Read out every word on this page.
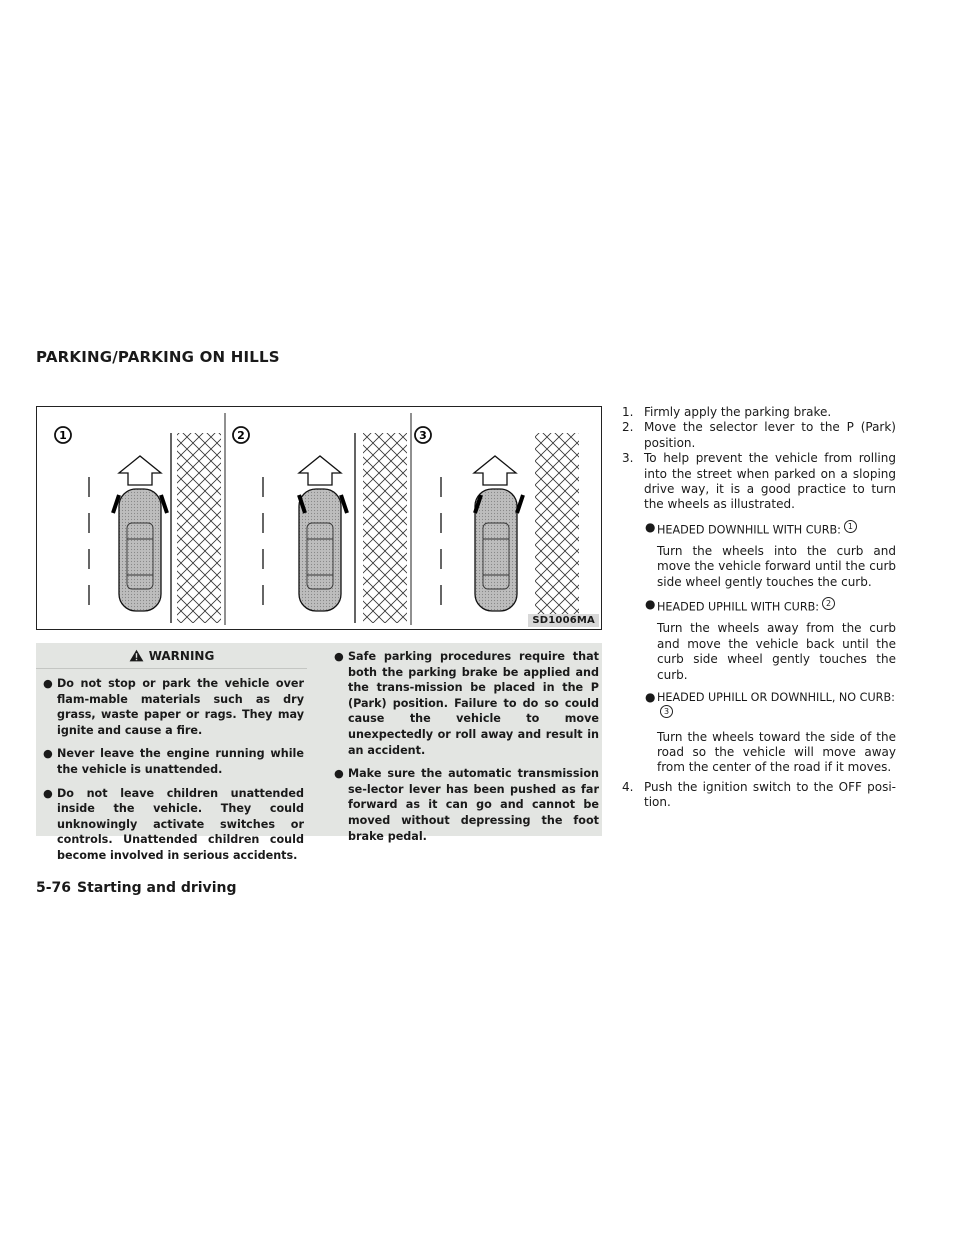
PARKING/PARKING ON HILLS
1	2	3
SD1006MA
WARNING
● Do not stop or park the vehicle over flam-mable materials such as dry grass, waste paper or rags. They may ignite and cause a fire.
● Never leave the engine running while the vehicle is unattended.
● Do not leave children unattended inside the vehicle. They could unknowingly activate switches or controls. Unattended children could become involved in serious accidents.
● Safe parking procedures require that both the parking brake be applied and the trans-mission be placed in the P (Park) position. Failure to do so could cause the vehicle to move unexpectedly or roll away and result in an accident.
● Make sure the automatic transmission se-lector lever has been pushed as far forward as it can go and cannot be moved without depressing the foot brake pedal.

1. Firmly apply the parking brake.

2. Move the selector lever to the P (Park) position.

3. To help prevent the vehicle from rolling into the street when parked on a sloping drive way, it is a good practice to turn the wheels as illustrated.

● HEADED DOWNHILL WITH CURB: 1
Turn the wheels into the curb and move the vehicle forward until the curb side wheel gently touches the curb.
● HEADED UPHILL WITH CURB: 2
Turn the wheels away from the curb and move the vehicle back until the curb side wheel gently touches the curb.
● HEADED UPHILL OR DOWNHILL, NO CURB:3
Turn the wheels toward the side of the road so the vehicle will move away from the center of the road if it moves.

4. Push the ignition switch to the OFF posi-tion.

5-76 Starting and driving
